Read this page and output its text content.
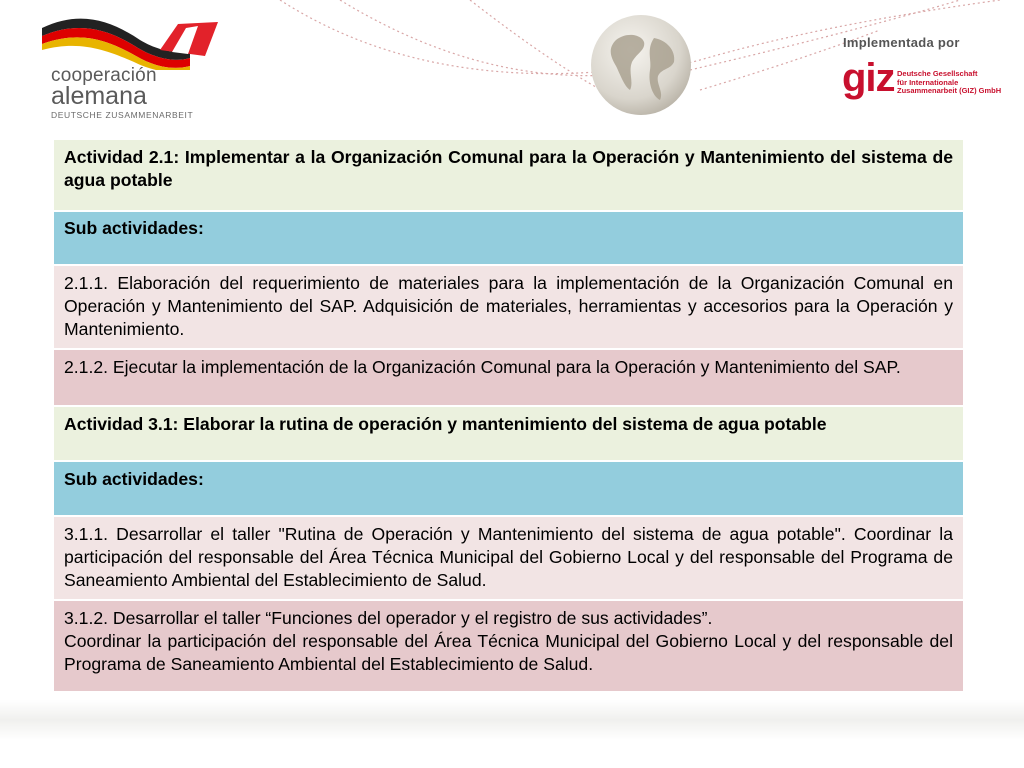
cooperación
alemana
DEUTSCHE ZUSAMMENARBEIT
Implementada por
giz Deutsche Gesellschaft
für Internationale
Zusammenarbeit (GIZ) GmbH

Actividad 2.1: Implementar a la Organización Comunal para la Operación y Mantenimiento del sistema de agua potable

Sub actividades:

2.1.1. Elaboración del requerimiento de materiales para la implementación de la Organización Comunal en Operación y Mantenimiento del SAP. Adquisición de materiales, herramientas y accesorios para la Operación y Mantenimiento.

2.1.2. Ejecutar la implementación de la Organización Comunal para la Operación y Mantenimiento del SAP.

Actividad 3.1: Elaborar la rutina de operación y mantenimiento del sistema de agua potable

Sub actividades:

3.1.1. Desarrollar el taller "Rutina de Operación y Mantenimiento del sistema de agua potable". Coordinar la participación del responsable del Área Técnica Municipal del Gobierno Local y del responsable del Programa de Saneamiento Ambiental del Establecimiento de Salud.

3.1.2. Desarrollar el taller “Funciones del operador y el registro de sus actividades”.

Coordinar la participación del responsable del Área Técnica Municipal del Gobierno Local y del responsable del Programa de Saneamiento Ambiental del Establecimiento de Salud.
